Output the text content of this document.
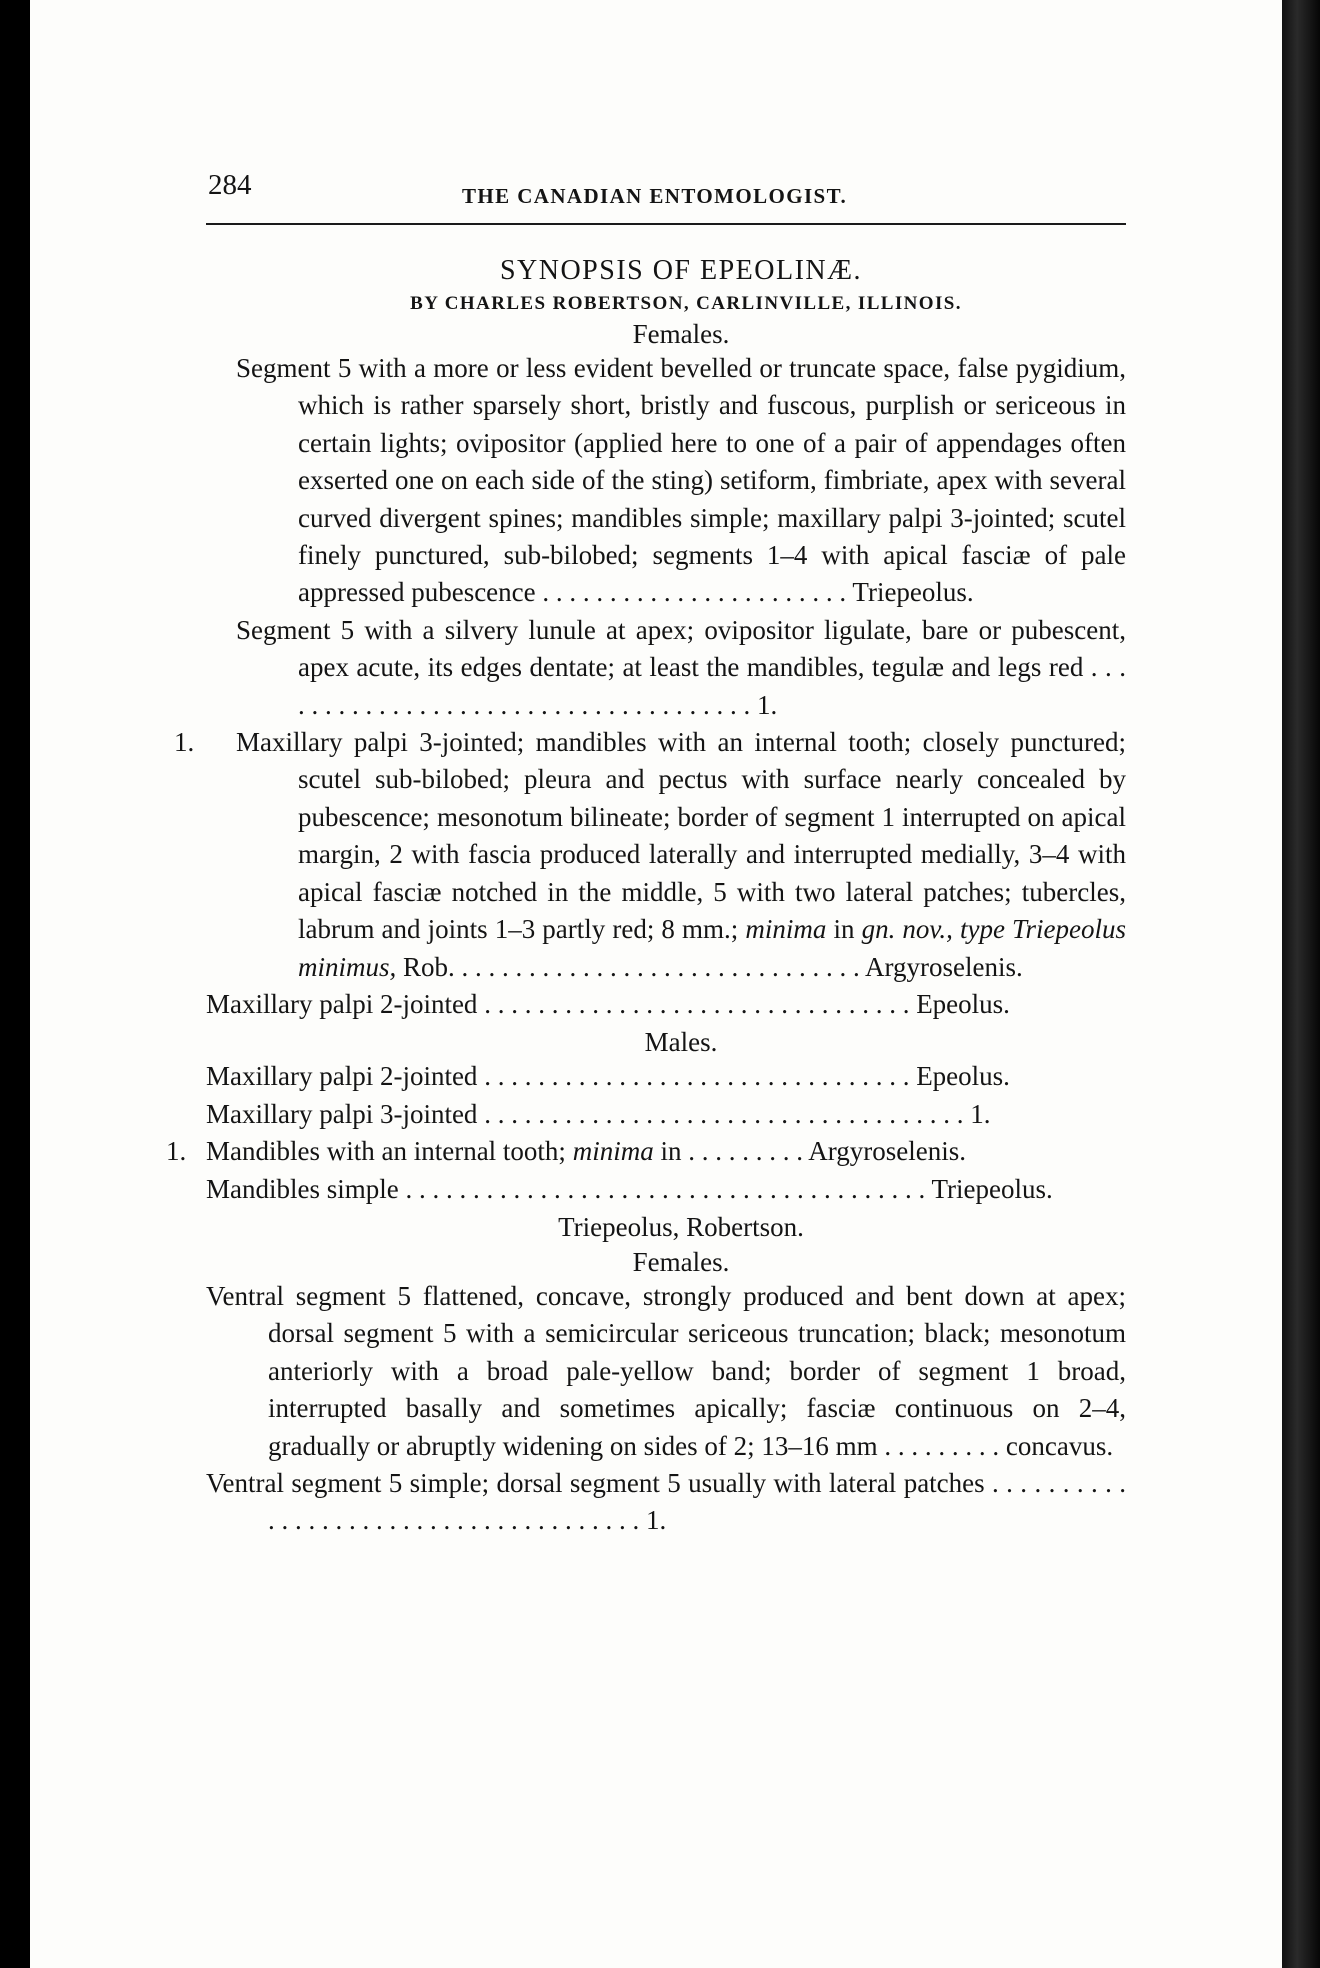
284	THE CANADIAN ENTOMOLOGIST.
SYNOPSIS OF EPEOLINÆ.
BY CHARLES ROBERTSON, CARLINVILLE, ILLINOIS.
Females.
Segment 5 with a more or less evident bevelled or truncate space, false pygidium, which is rather sparsely short, bristly and fuscous, purplish or sericeous in certain lights; ovipositor (applied here to one of a pair of appendages often exserted one on each side of the sting) setiform, fimbriate, apex with several curved divergent spines; mandibles simple; maxillary palpi 3-jointed; scutel finely punctured, sub-bilobed; segments 1–4 with apical fasciæ of pale appressed pubescence . . . . . . . . . . . . . . . . . . . . . . . Triepeolus.
Segment 5 with a silvery lunule at apex; ovipositor ligulate, bare or pubescent, apex acute, its edges dentate; at least the mandibles, tegulæ and legs red . . . . . . . . . . . . . . . . . . . . . . . . . . . . . . . . . . . . . 1.
1. Maxillary palpi 3-jointed; mandibles with an internal tooth; closely punctured; scutel sub-bilobed; pleura and pectus with surface nearly concealed by pubescence; mesonotum bilineate; border of segment 1 interrupted on apical margin, 2 with fascia produced laterally and interrupted medially, 3–4 with apical fasciæ notched in the middle, 5 with two lateral patches; tubercles, labrum and joints 1–3 partly red; 8 mm.; minima in gn. nov., type Triepeolus minimus, Rob. . . . . . . . . . . . . . . . . . . . . . . . . . . . . . . Argyroselenis.
Maxillary palpi 2-jointed . . . . . . . . . . . . . . . . . . . . . . . . . . . . . . . . Epeolus.
Males.
Maxillary palpi 2-jointed . . . . . . . . . . . . . . . . . . . . . . . . . . . . . . . . Epeolus.
Maxillary palpi 3-jointed . . . . . . . . . . . . . . . . . . . . . . . . . . . . . . . . . . . . 1.
1. Mandibles with an internal tooth; minima in . . . . . . . . . Argyroselenis.
Mandibles simple . . . . . . . . . . . . . . . . . . . . . . . . . . . . . . . . . . . . . . . Triepeolus.
Triepeolus, Robertson.
Females.
Ventral segment 5 flattened, concave, strongly produced and bent down at apex; dorsal segment 5 with a semicircular sericeous truncation; black; mesonotum anteriorly with a broad pale-yellow band; border of segment 1 broad, interrupted basally and sometimes apically; fasciæ continuous on 2–4, gradually or abruptly widening on sides of 2; 13–16 mm . . . . . . . . . concavus.
Ventral segment 5 simple; dorsal segment 5 usually with lateral patches . . . . . . . . . . . . . . . . . . . . . . . . . . . . . . . . . . . . . . 1.
